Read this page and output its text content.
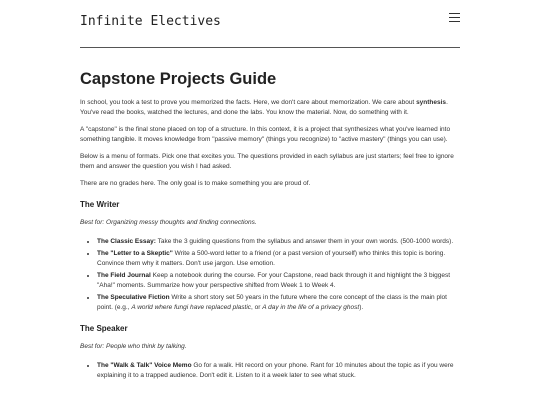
Infinite Electives
Capstone Projects Guide

In school, you took a test to prove you memorized the facts. Here, we don't care about memorization. We care about synthesis. You've read the books, watched the lectures, and done the labs. You know the material. Now, do something with it.

A "capstone" is the final stone placed on top of a structure. In this context, it is a project that synthesizes what you've learned into something tangible. It moves knowledge from "passive memory" (things you recognize) to "active mastery" (things you can use).

Below is a menu of formats. Pick one that excites you. The questions provided in each syllabus are just starters; feel free to ignore them and answer the question you wish I had asked.

There are no grades here. The only goal is to make something you are proud of.

The Writer

Best for: Organizing messy thoughts and finding connections.

• The Classic Essay: Take the 3 guiding questions from the syllabus and answer them in your own words. (500-1000 words).
• The "Letter to a Skeptic" Write a 500-word letter to a friend (or a past version of yourself) who thinks this topic is boring. Convince them why it matters. Don't use jargon. Use emotion.
• The Field Journal Keep a notebook during the course. For your Capstone, read back through it and highlight the 3 biggest "Aha!" moments. Summarize how your perspective shifted from Week 1 to Week 4.
• The Speculative Fiction Write a short story set 50 years in the future where the core concept of the class is the main plot point. (e.g., A world where fungi have replaced plastic, or A day in the life of a privacy ghost).
The Speaker

Best for: People who think by talking.

• The "Walk & Talk" Voice Memo Go for a walk. Hit record on your phone. Rant for 10 minutes about the topic as if you were explaining it to a trapped audience. Don't edit it. Listen to it a week later to see what stuck.
